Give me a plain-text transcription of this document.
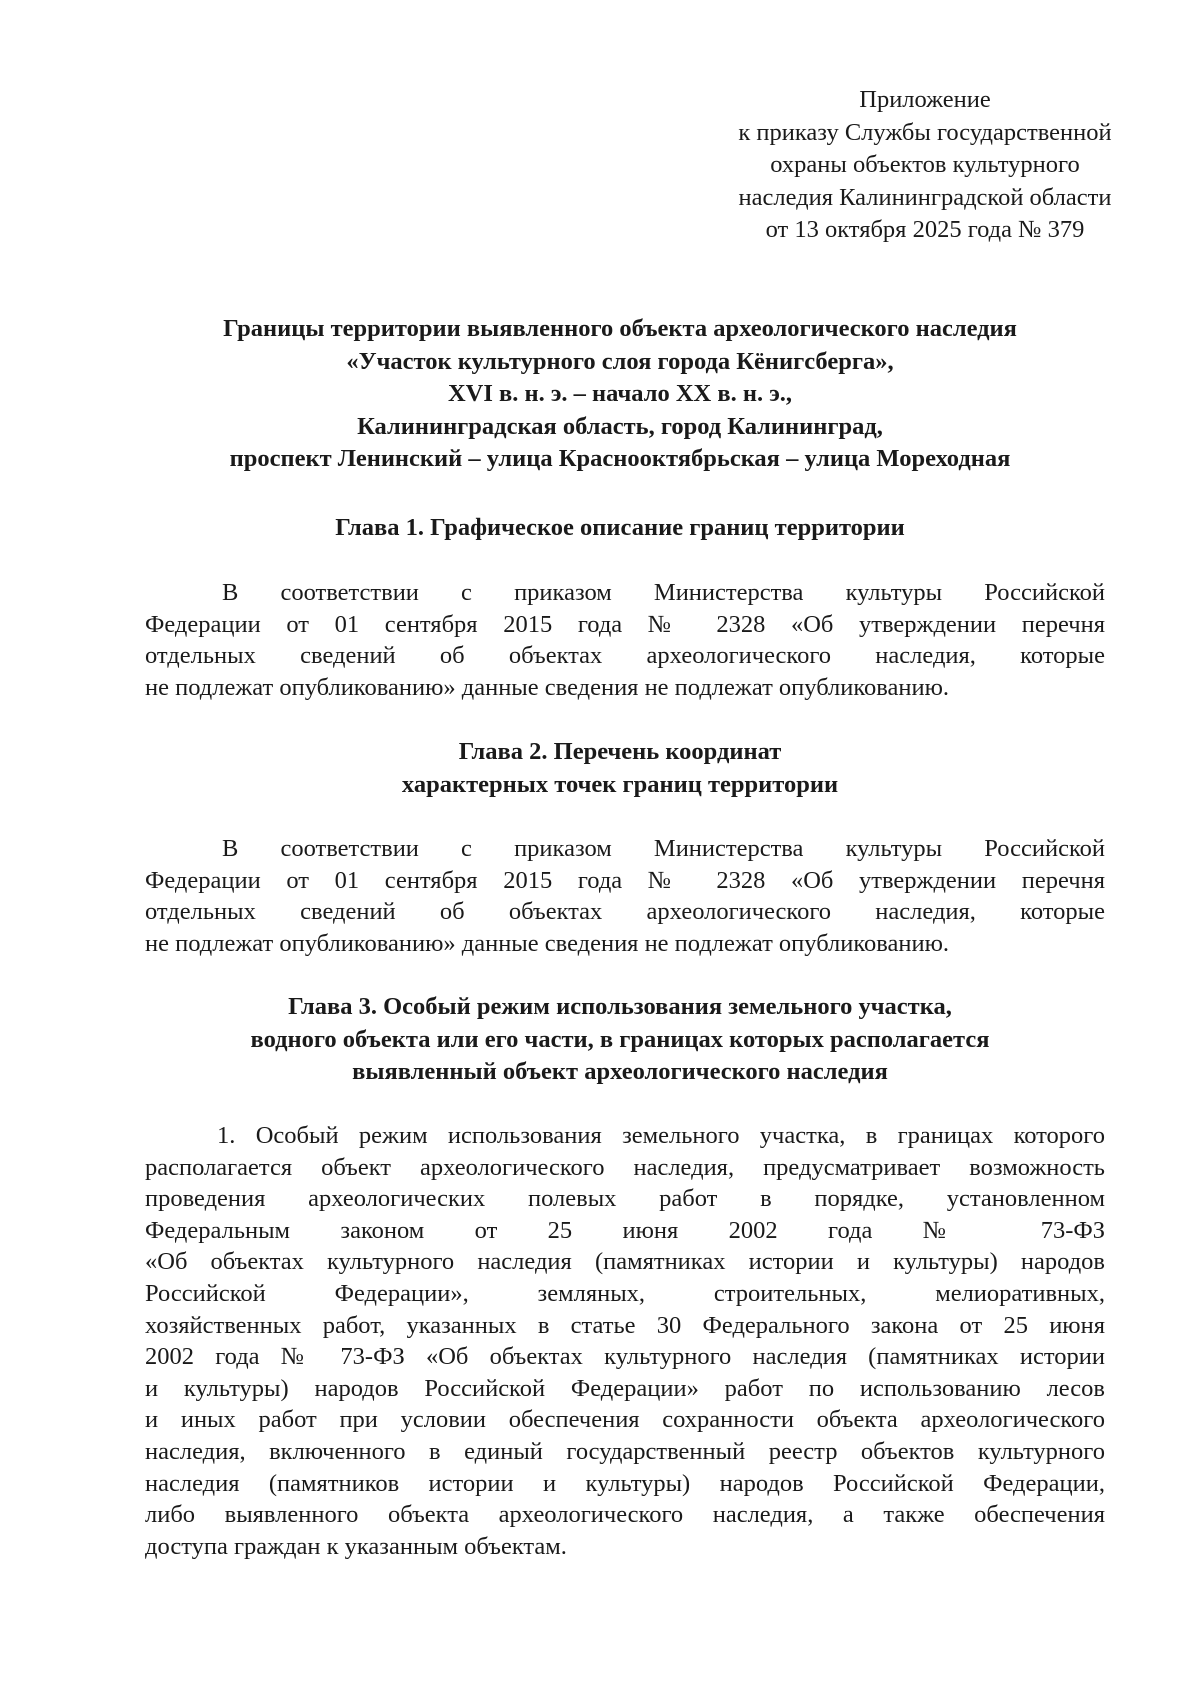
Приложение
к приказу Службы государственной
охраны объектов культурного
наследия Калининградской области
от 13 октября 2025 года № 379
Границы территории выявленного объекта археологического наследия
«Участок культурного слоя города Кёнигсберга»,
XVI в. н. э. – начало XX в. н. э.,
Калининградская область, город Калининград,
проспект Ленинский – улица Краснооктябрьская – улица Мореходная
Глава 1. Графическое описание границ территории
В соответствии с приказом Министерства культуры Российской
Федерации от 01 сентября 2015 года № 2328 «Об утверждении перечня
отдельных сведений об объектах археологического наследия, которые
не подлежат опубликованию» данные сведения не подлежат опубликованию.
Глава 2. Перечень координат
характерных точек границ территории
В соответствии с приказом Министерства культуры Российской
Федерации от 01 сентября 2015 года № 2328 «Об утверждении перечня
отдельных сведений об объектах археологического наследия, которые
не подлежат опубликованию» данные сведения не подлежат опубликованию.
Глава 3. Особый режим использования земельного участка,
водного объекта или его части, в границах которых располагается
выявленный объект археологического наследия
1. Особый режим использования земельного участка, в границах которого
располагается объект археологического наследия, предусматривает возможность
проведения археологических полевых работ в порядке, установленном
Федеральным законом от 25 июня 2002 года № 73-ФЗ
«Об объектах культурного наследия (памятниках истории и культуры) народов
Российской Федерации», земляных, строительных, мелиоративных,
хозяйственных работ, указанных в статье 30 Федерального закона от 25 июня
2002 года № 73-ФЗ «Об объектах культурного наследия (памятниках истории
и культуры) народов Российской Федерации» работ по использованию лесов
и иных работ при условии обеспечения сохранности объекта археологического
наследия, включенного в единый государственный реестр объектов культурного
наследия (памятников истории и культуры) народов Российской Федерации,
либо выявленного объекта археологического наследия, а также обеспечения
доступа граждан к указанным объектам.
